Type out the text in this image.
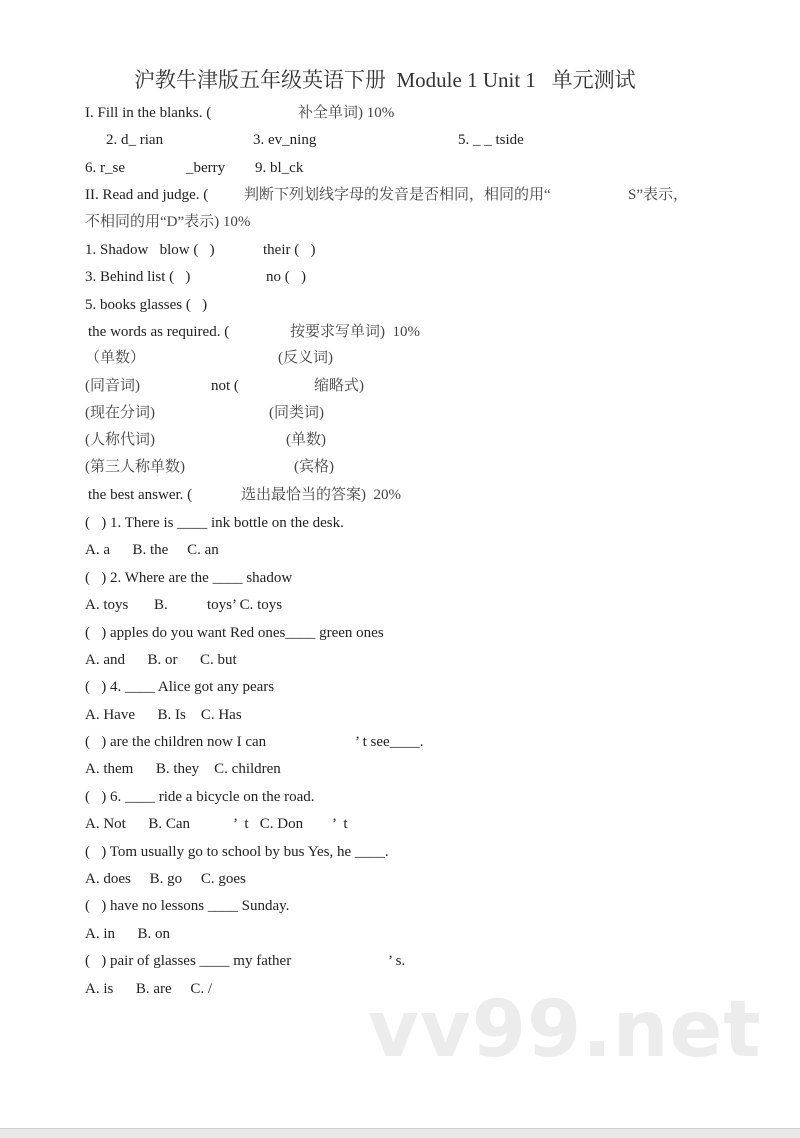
沪教牛津版五年级英语下册  Module 1 Unit 1   单元测试
I. Fill in the blanks. (	补全单词) 10%
2. d_ rian	3. ev_ning	5. _ _ tside
6. r_se	_berry 9. bl_ck
II. Read and judge. ( 判断下列划线字母的发音是否相同，相同的用“	S”表示，
不相同的用“D”表示) 10%
1. Shadow   blow (   )	their (   )
3. Behind list (   )	no (   )
5. books glasses (   )
the words as required. (	按要求写单词)  10%
（单数）	(反义词)
(同音词)	not (	缩略式)
(现在分词)	(同类词)
(人称代词)	(单数)
(第三人称单数)	(宾格)
the best answer. (	选出最恰当的答案)  20%
(   ) 1. There is ____ ink bottle on the desk.
A. a      B. the     C. an
(   ) 2. Where are the ____ shadow
A. toys B.	toys’ C. toys
(   ) apples do you want Red ones____ green ones
A. and      B. or      C. but
(   ) 4. ____ Alice got any pears
A. Have      B. Is    C. Has
(   ) are the children now I can	’ t see____.
A. them      B. they    C. children
(   ) 6. ____ ride a bicycle on the road.
A. Not      B. Can	’  t   C. Don ’  t
(   ) Tom usually go to school by bus Yes, he ____.
A. does     B. go     C. goes
(   ) have no lessons ____ Sunday.
A. in      B. on
(   ) pair of glasses ____ my father	’ s.
A. is      B. are     C. / vv99.net
